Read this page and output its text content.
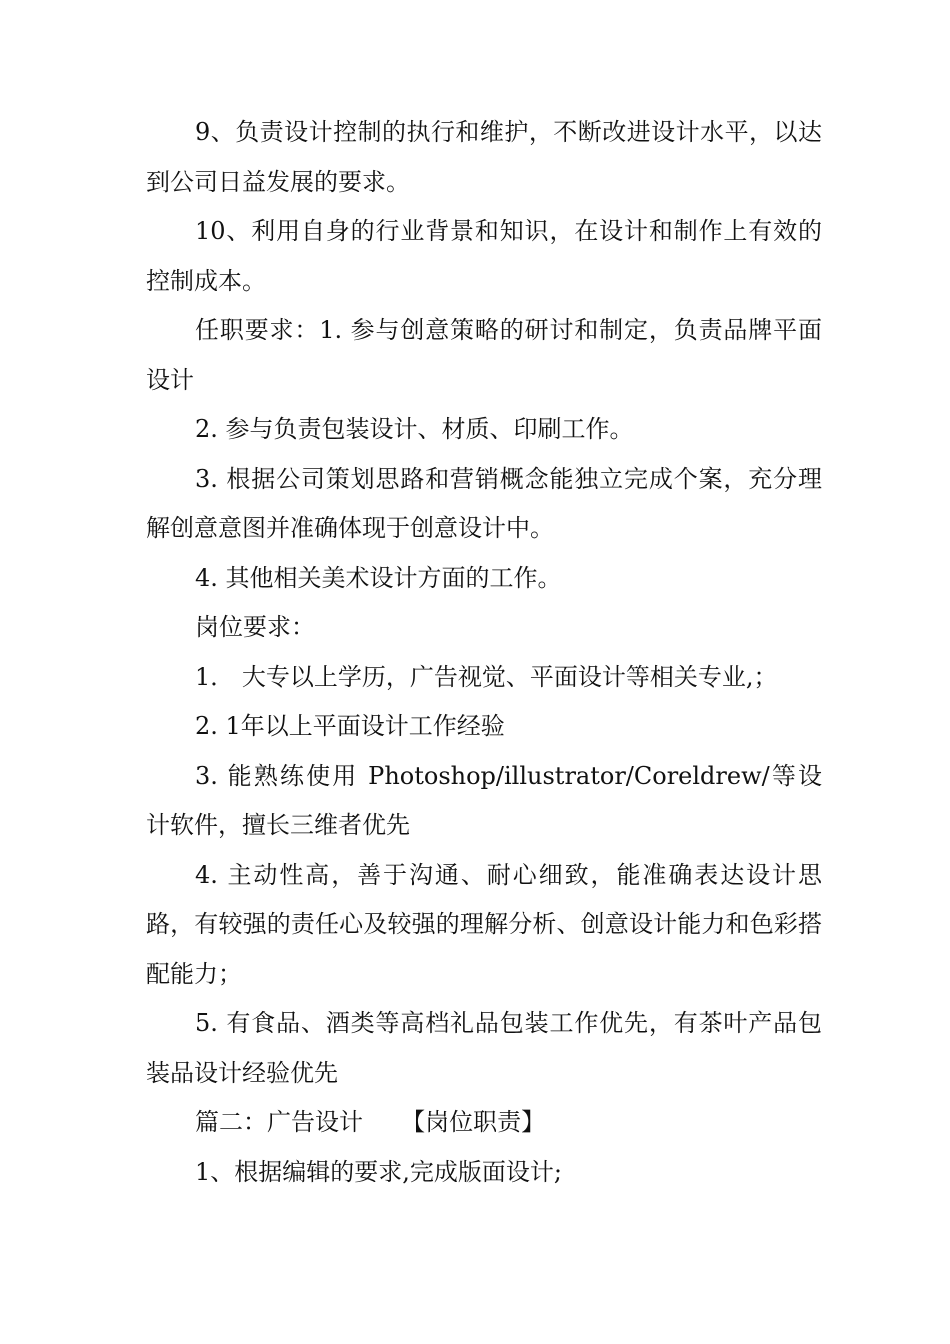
9、负责设计控制的执行和维护，不断改进设计水平，以达到公司日益发展的要求。

10、利用自身的行业背景和知识，在设计和制作上有效的控制成本。

任职要求：1. 参与创意策略的研讨和制定，负责品牌平面设计

2. 参与负责包装设计、材质、印刷工作。

3. 根据公司策划思路和营销概念能独立完成个案，充分理解创意意图并准确体现于创意设计中。

4. 其他相关美术设计方面的工作。

岗位要求：

1． 大专以上学历，广告视觉、平面设计等相关专业,；

2. 1年以上平面设计工作经验

3. 能熟练使用 Photoshop/illustrator/Coreldrew/等设计软件，擅长三维者优先

4. 主动性高，善于沟通、耐心细致，能准确表达设计思路，有较强的责任心及较强的理解分析、创意设计能力和色彩搭配能力；

5. 有食品、酒类等高档礼品包装工作优先，有茶叶产品包装品设计经验优先

篇二：广告设计     【岗位职责】

1、根据编辑的要求,完成版面设计;
